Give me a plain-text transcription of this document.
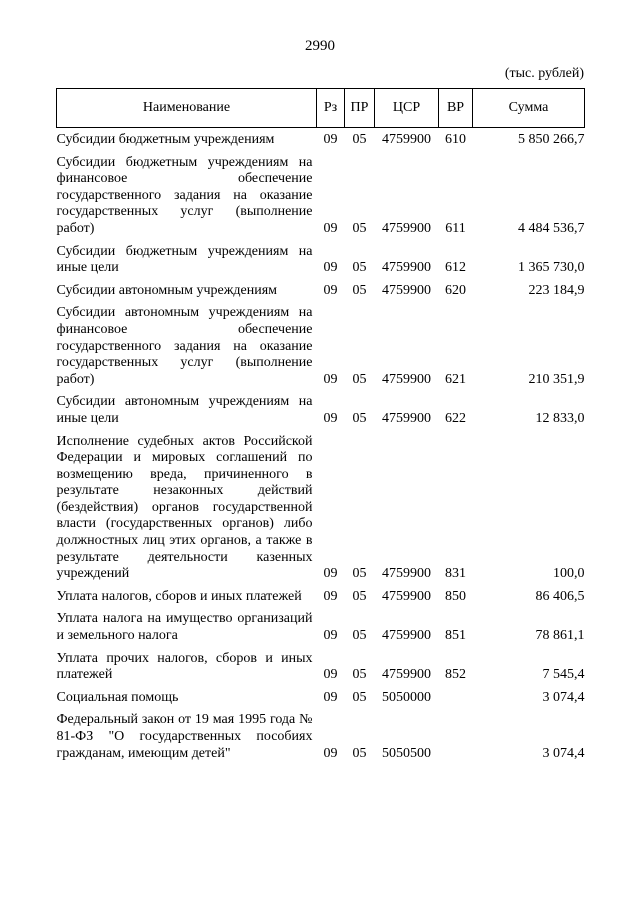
2990
(тыс. рублей)
Наименование	Рз	ПР	ЦСР	ВР	Сумма
Субсидии бюджетным учреждениям	09	05	4759900	610	5 850 266,7
Субсидии бюджетным учреждениям на финансовое обеспечение государственного задания на оказание государственных услуг (выполнение работ)	09	05	4759900	611	4 484 536,7
Субсидии бюджетным учреждениям на иные цели	09	05	4759900	612	1 365 730,0
Субсидии автономным учреждениям	09	05	4759900	620	223 184,9
Субсидии автономным учреждениям на финансовое обеспечение государственного задания на оказание государственных услуг (выполнение работ)	09	05	4759900	621	210 351,9
Субсидии автономным учреждениям на иные цели	09	05	4759900	622	12 833,0
Исполнение судебных актов Российской Федерации и мировых соглашений по возмещению вреда, причиненного в результате незаконных действий (бездействия) органов государственной власти (государственных органов) либо должностных лиц этих органов, а также в результате деятельности казенных учреждений	09	05	4759900	831	100,0
Уплата налогов, сборов и иных платежей	09	05	4759900	850	86 406,5
Уплата налога на имущество организаций и земельного налога	09	05	4759900	851	78 861,1
Уплата прочих налогов, сборов и иных платежей	09	05	4759900	852	7 545,4
Социальная помощь	09	05	5050000		3 074,4
Федеральный закон от 19 мая 1995 года № 81-ФЗ "О государственных пособиях гражданам, имеющим детей"	09	05	5050500		3 074,4
